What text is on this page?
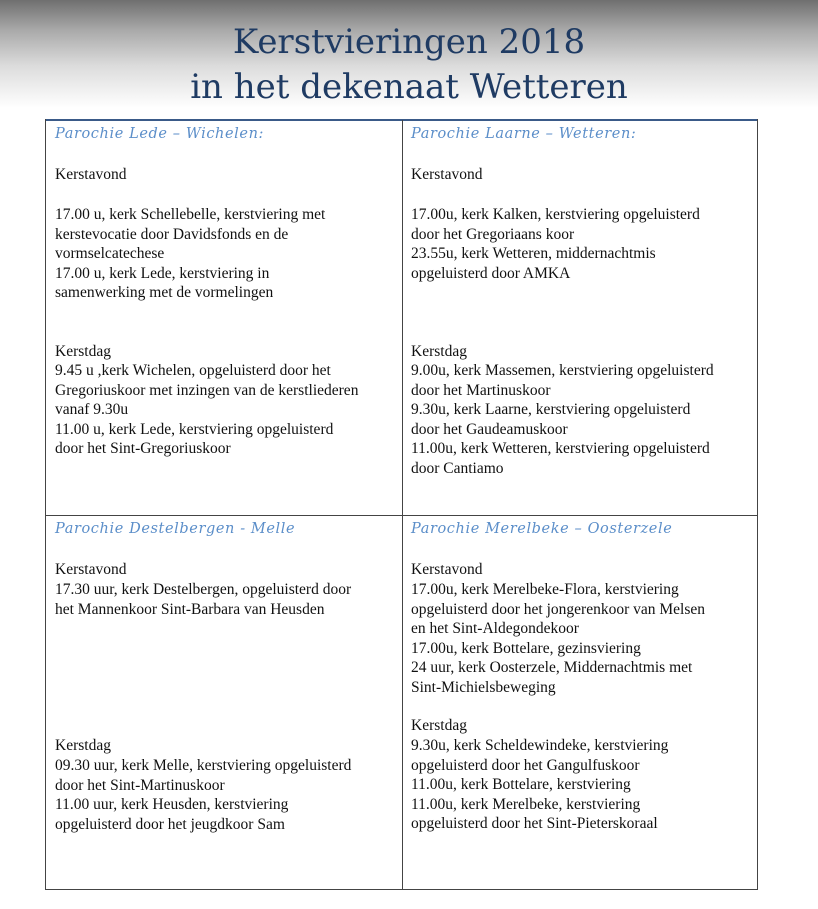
Kerstvieringen 2018
in het dekenaat Wetteren
Parochie Lede – Wichelen:
Kerstavond
17.00 u, kerk Schellebelle, kerstviering met
kerstevocatie door Davidsfonds en de
vormselcatechese
17.00 u, kerk Lede, kerstviering in
samenwerking met de vormelingen
Kerstdag
9.45 u ,kerk Wichelen, opgeluisterd door het
Gregoriuskoor met inzingen van de kerstliederen
vanaf 9.30u
11.00 u, kerk Lede, kerstviering opgeluisterd
door het Sint-Gregoriuskoor
Parochie Laarne – Wetteren:
Kerstavond
17.00u, kerk Kalken, kerstviering opgeluisterd
door het Gregoriaans koor
23.55u, kerk Wetteren, middernachtmis
opgeluisterd door AMKA
Kerstdag
9.00u, kerk Massemen, kerstviering opgeluisterd
door het Martinuskoor
9.30u, kerk Laarne, kerstviering opgeluisterd
door het Gaudeamuskoor
11.00u, kerk Wetteren, kerstviering opgeluisterd
door Cantiamo
Parochie Destelbergen - Melle
Kerstavond
17.30 uur, kerk Destelbergen, opgeluisterd door
het Mannenkoor Sint-Barbara van Heusden
Kerstdag
09.30 uur, kerk Melle, kerstviering opgeluisterd
door het Sint-Martinuskoor
11.00 uur, kerk Heusden, kerstviering
opgeluisterd door het jeugdkoor Sam
Parochie Merelbeke – Oosterzele
Kerstavond
17.00u, kerk Merelbeke-Flora, kerstviering
opgeluisterd door het jongerenkoor van Melsen
en het Sint-Aldegondekoor
17.00u, kerk Bottelare, gezinsviering
24 uur, kerk Oosterzele, Middernachtmis met
Sint-Michielsbeweging
Kerstdag
9.30u, kerk Scheldewindeke, kerstviering
opgeluisterd door het Gangulfuskoor
11.00u, kerk Bottelare, kerstviering
11.00u, kerk Merelbeke, kerstviering
opgeluisterd door het Sint-Pieterskoraal
